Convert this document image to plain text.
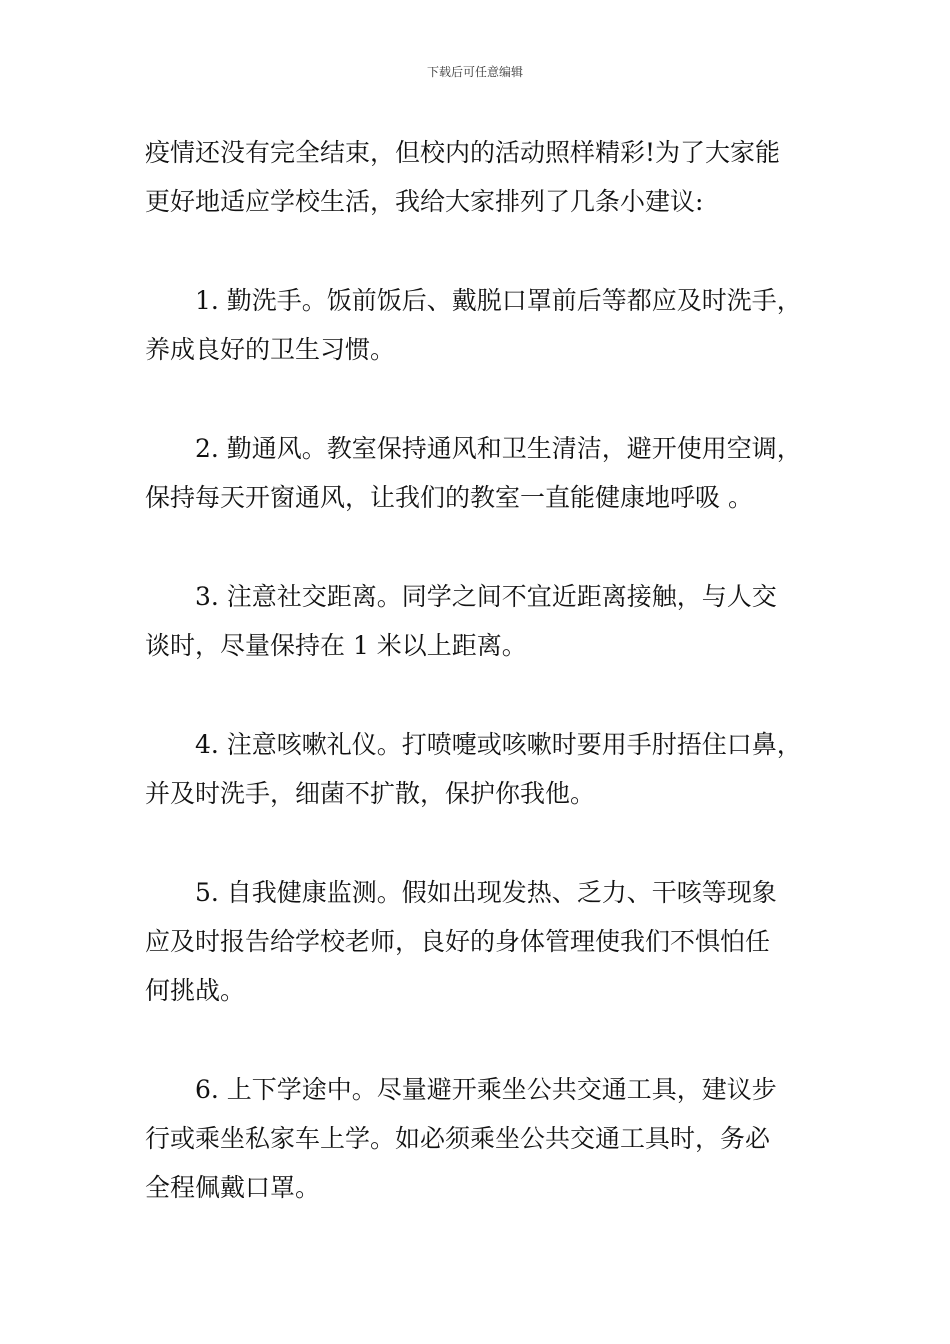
下载后可任意编辑

疫情还没有完全结束，但校内的活动照样精彩!为了大家能
更好地适应学校生活，我给大家排列了几条小建议:

1. 勤洗手。饭前饭后、戴脱口罩前后等都应及时洗手，
养成良好的卫生习惯。

2. 勤通风。教室保持通风和卫生清洁，避开使用空调，
保持每天开窗通风，让我们的教室一直能健康地呼吸 。

3. 注意社交距离。同学之间不宜近距离接触，与人交
谈时，尽量保持在 1 米以上距离。

4. 注意咳嗽礼仪。打喷嚏或咳嗽时要用手肘捂住口鼻，
并及时洗手，细菌不扩散，保护你我他。

5. 自我健康监测。假如出现发热、乏力、干咳等现象
应及时报告给学校老师，良好的身体管理使我们不惧怕任
何挑战。

6. 上下学途中。尽量避开乘坐公共交通工具，建议步
行或乘坐私家车上学。如必须乘坐公共交通工具时，务必
全程佩戴口罩。
